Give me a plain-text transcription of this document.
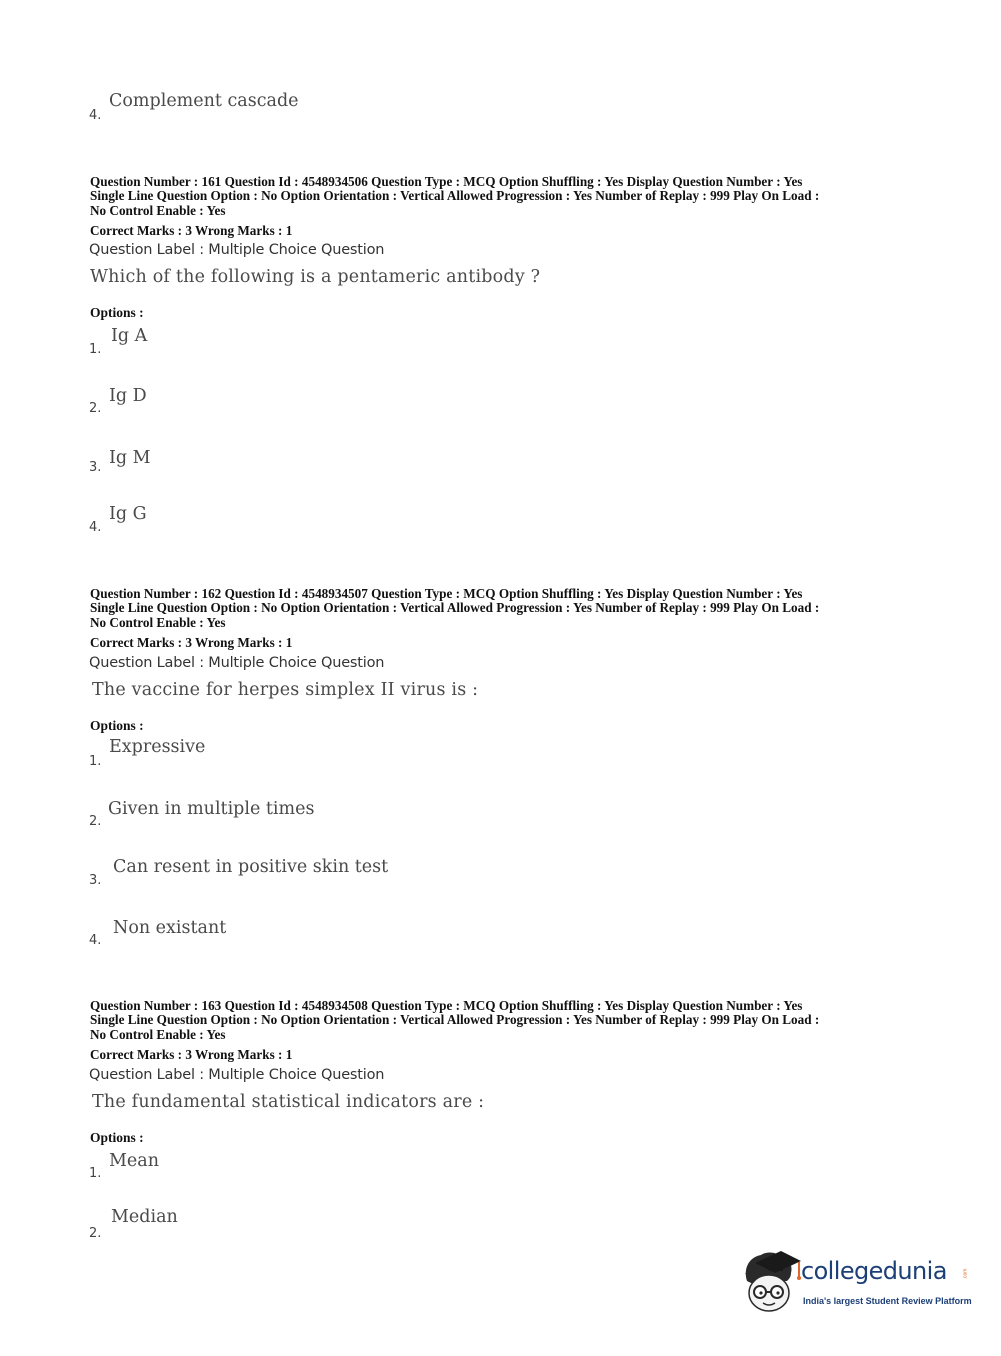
4.
Complement cascade
Question Number : 161 Question Id : 4548934506 Question Type : MCQ Option Shuffling : Yes Display Question Number : Yes
Single Line Question Option : No Option Orientation : Vertical Allowed Progression : Yes Number of Replay : 999 Play On Load :
No Control Enable : Yes
Correct Marks : 3 Wrong Marks : 1
Question Label : Multiple Choice Question
Which of the following is a pentameric antibody ?
Options :
1.
Ig A
2.
Ig D
3. Ig M
4.
Ig G
Question Number : 162 Question Id : 4548934507 Question Type : MCQ Option Shuffling : Yes Display Question Number : Yes
Single Line Question Option : No Option Orientation : Vertical Allowed Progression : Yes Number of Replay : 999 Play On Load :
No Control Enable : Yes
Correct Marks : 3 Wrong Marks : 1
Question Label : Multiple Choice Question
The vaccine for herpes simplex II virus is :
Options :
1.
Expressive
2.
Given in multiple times
3.
Can resent in positive skin test
4.
Non existant
Question Number : 163 Question Id : 4548934508 Question Type : MCQ Option Shuffling : Yes Display Question Number : Yes
Single Line Question Option : No Option Orientation : Vertical Allowed Progression : Yes Number of Replay : 999 Play On Load :
No Control Enable : Yes
Correct Marks : 3 Wrong Marks : 1
Question Label : Multiple Choice Question
The fundamental statistical indicators are :
Options :
1.
Mean
2.
Median
collegedunia	.com
India's largest Student Review Platform
